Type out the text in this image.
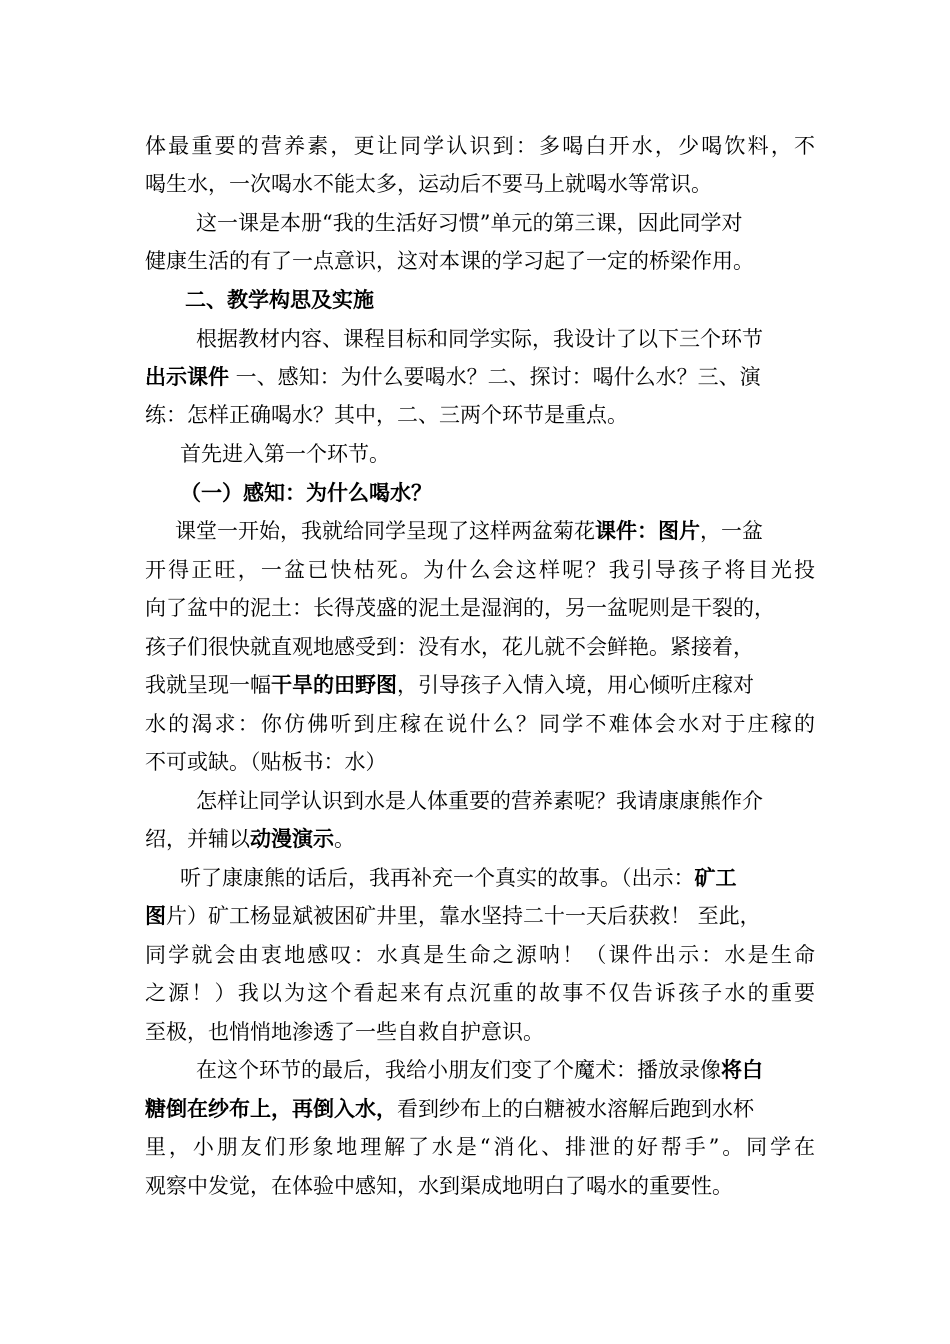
体最重要的营养素，更让同学认识到：多喝白开水，少喝饮料，不
喝生水，一次喝水不能太多，运动后不要马上就喝水等常识。
　这一课是本册“我的生活好习惯”单元的第三课，因此同学对
健康生活的有了一点意识，这对本课的学习起了一定的桥梁作用。
二、教学构思及实施
　根据教材内容、课程目标和同学实际，我设计了以下三个环节
出示课件 一、感知：为什么要喝水？二、探讨：喝什么水？三、演
练：怎样正确喝水？其中，二、三两个环节是重点。
首先进入第一个环节。
（一）感知：为什么喝水？
课堂一开始，我就给同学呈现了这样两盆菊花课件：图片，一盆
开得正旺，一盆已快枯死。为什么会这样呢？我引导孩子将目光投
向了盆中的泥土：长得茂盛的泥土是湿润的，另一盆呢则是干裂的，
孩子们很快就直观地感受到：没有水，花儿就不会鲜艳。紧接着，
我就呈现一幅干旱的田野图，引导孩子入情入境，用心倾听庄稼对
水的渴求：你仿佛听到庄稼在说什么？同学不难体会水对于庄稼的
不可或缺。（贴板书：水）
　怎样让同学认识到水是人体重要的营养素呢？我请康康熊作介
绍，并辅以动漫演示。
听了康康熊的话后，我再补充一个真实的故事。（出示：矿工
图片）矿工杨显斌被困矿井里，靠水坚持二十一天后获救！ 至此，
同学就会由衷地感叹：水真是生命之源呐！（课件出示：水是生命
之源！）我以为这个看起来有点沉重的故事不仅告诉孩子水的重要
至极，也悄悄地渗透了一些自救自护意识。
　在这个环节的最后，我给小朋友们变了个魔术：播放录像将白
糖倒在纱布上，再倒入水，看到纱布上的白糖被水溶解后跑到水杯
里，小朋友们形象地理解了水是“消化、排泄的好帮手”。同学在
观察中发觉，在体验中感知，水到渠成地明白了喝水的重要性。
